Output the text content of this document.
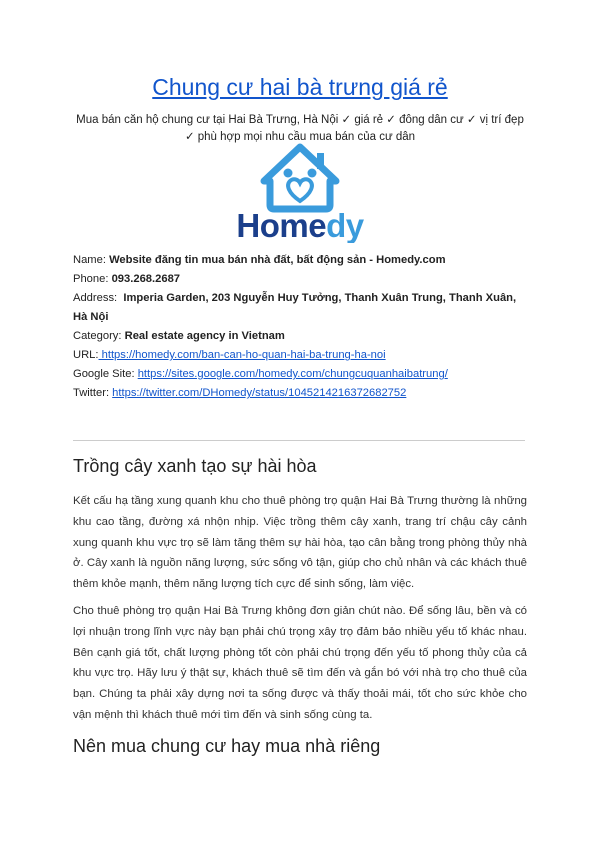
Chung cư hai bà trưng giá rẻ
Mua bán căn hộ chung cư tại Hai Bà Trưng, Hà Nội ✓ giá rẻ ✓ đông dân cư ✓ vị trí đẹp ✓ phù hợp mọi nhu cầu mua bán của cư dân
Homedy
Name: Website đăng tin mua bán nhà đất, bất động sản - Homedy.com
Phone: 093.268.2687
Address: Imperia Garden, 203 Nguyễn Huy Tưởng, Thanh Xuân Trung, Thanh Xuân, Hà Nội
Category: Real estate agency in Vietnam
URL: https://homedy.com/ban-can-ho-quan-hai-ba-trung-ha-noi
Google Site: https://sites.google.com/homedy.com/chungcuquanhaibatrung/
Twitter: https://twitter.com/DHomedy/status/1045214216372682752
Trồng cây xanh tạo sự hài hòa
Kết cấu hạ tầng xung quanh khu cho thuê phòng trọ quận Hai Bà Trưng thường là những khu cao tầng, đường xá nhộn nhịp. Việc trồng thêm cây xanh, trang trí chậu cây cảnh xung quanh khu vực trọ sẽ làm tăng thêm sự hài hòa, tạo cân bằng trong phòng thủy nhà ở. Cây xanh là nguồn năng lượng, sức sống vô tận, giúp cho chủ nhân và các khách thuê thêm khỏe mạnh, thêm năng lượng tích cực để sinh sống, làm việc.
Cho thuê phòng trọ quận Hai Bà Trưng không đơn giản chút nào. Để sống lâu, bền và có lợi nhuận trong lĩnh vực này bạn phải chú trọng xây trọ đảm bảo nhiều yếu tố khác nhau. Bên cạnh giá tốt, chất lượng phòng tốt còn phải chú trọng đến yếu tố phong thủy của cả khu vực trọ. Hãy lưu ý thật sự, khách thuê sẽ tìm đến và gắn bó với nhà trọ cho thuê của bạn. Chúng ta phải xây dựng nơi ta sống được và thấy thoải mái, tốt cho sức khỏe cho vận mệnh thì khách thuê mới tìm đến và sinh sống cùng ta.
Nên mua chung cư hay mua nhà riêng
